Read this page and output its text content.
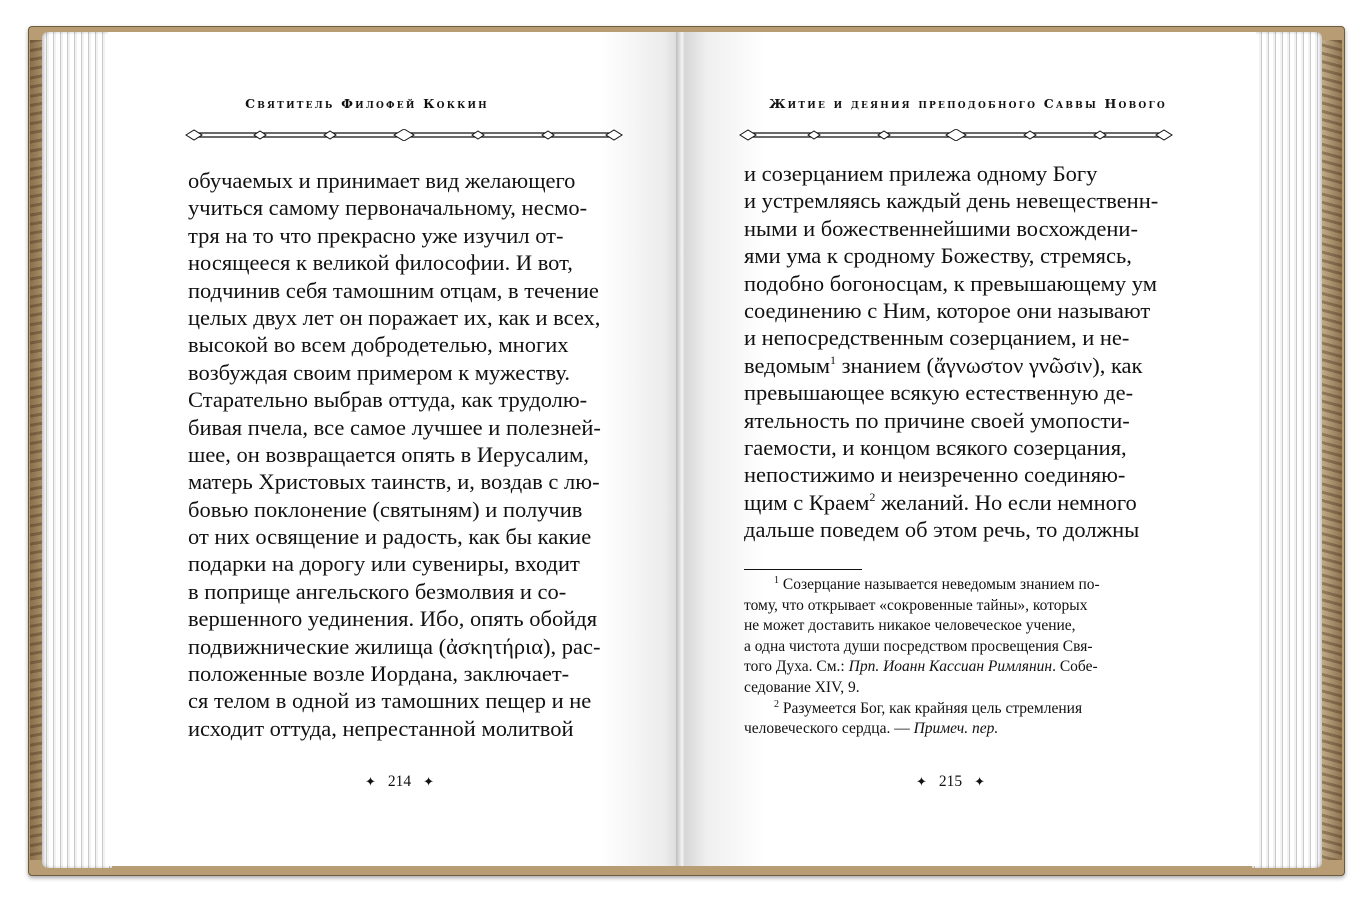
Святитель Филофей Коккин
обучаемых и принимает вид желающего
учиться самому первоначальному, несмо-
тря на то что прекрасно уже изучил от-
носящееся к великой философии. И вот,
подчинив себя тамошним отцам, в течение
целых двух лет он поражает их, как и всех,
высокой во всем добродетелью, многих
возбуждая своим примером к мужеству.
Старательно выбрав оттуда, как трудолю-
бивая пчела, все самое лучшее и полезней-
шее, он возвращается опять в Иерусалим,
матерь Христовых таинств, и, воздав с лю-
бовью поклонение (святыням) и получив
от них освящение и радость, как бы какие
подарки на дорогу или сувениры, входит
в поприще ангельского безмолвия и со-
вершенного уединения. Ибо, опять обойдя
подвижнические жилища (ἀσκητήρια), рас-
положенные возле Иордана, заключает-
ся телом в одной из тамошних пещер и не
исходит оттуда, непрестанной молитвой
✦ 214 ✦
Житие и деяния преподобного Саввы Нового
и созерцанием прилежа одному Богу
и устремляясь каждый день невещественн-
ными и божественнейшими восхождени-
ями ума к сродному Божеству, стремясь,
подобно богоносцам, к превышающему ум
соединению с Ним, которое они называют
и непосредственным созерцанием, и не-
ведомым$^1$ знанием (ἄγνωστον γνῶσιν), как
превышающее всякую естественную де-
ятельность по причине своей умопости-
гаемости, и концом всякого созерцания,
непостижимо и неизреченно соединяю-
щим с Краем$^2$ желаний. Но если немного
дальше поведем об этом речь, то должны
$^1$ Созерцание называется неведомым знанием по-
тому, что открывает «сокровенные тайны», которых
не может доставить никакое человеческое учение,
а одна чистота души посредством просвещения Свя-
того Духа. См.: Прп. Иоанн Кассиан Римлянин. Собе-
седование XIV, 9.
$^2$ Разумеется Бог, как крайняя цель стремления
человеческого сердца. — Примеч. пер.
✦ 215 ✦
